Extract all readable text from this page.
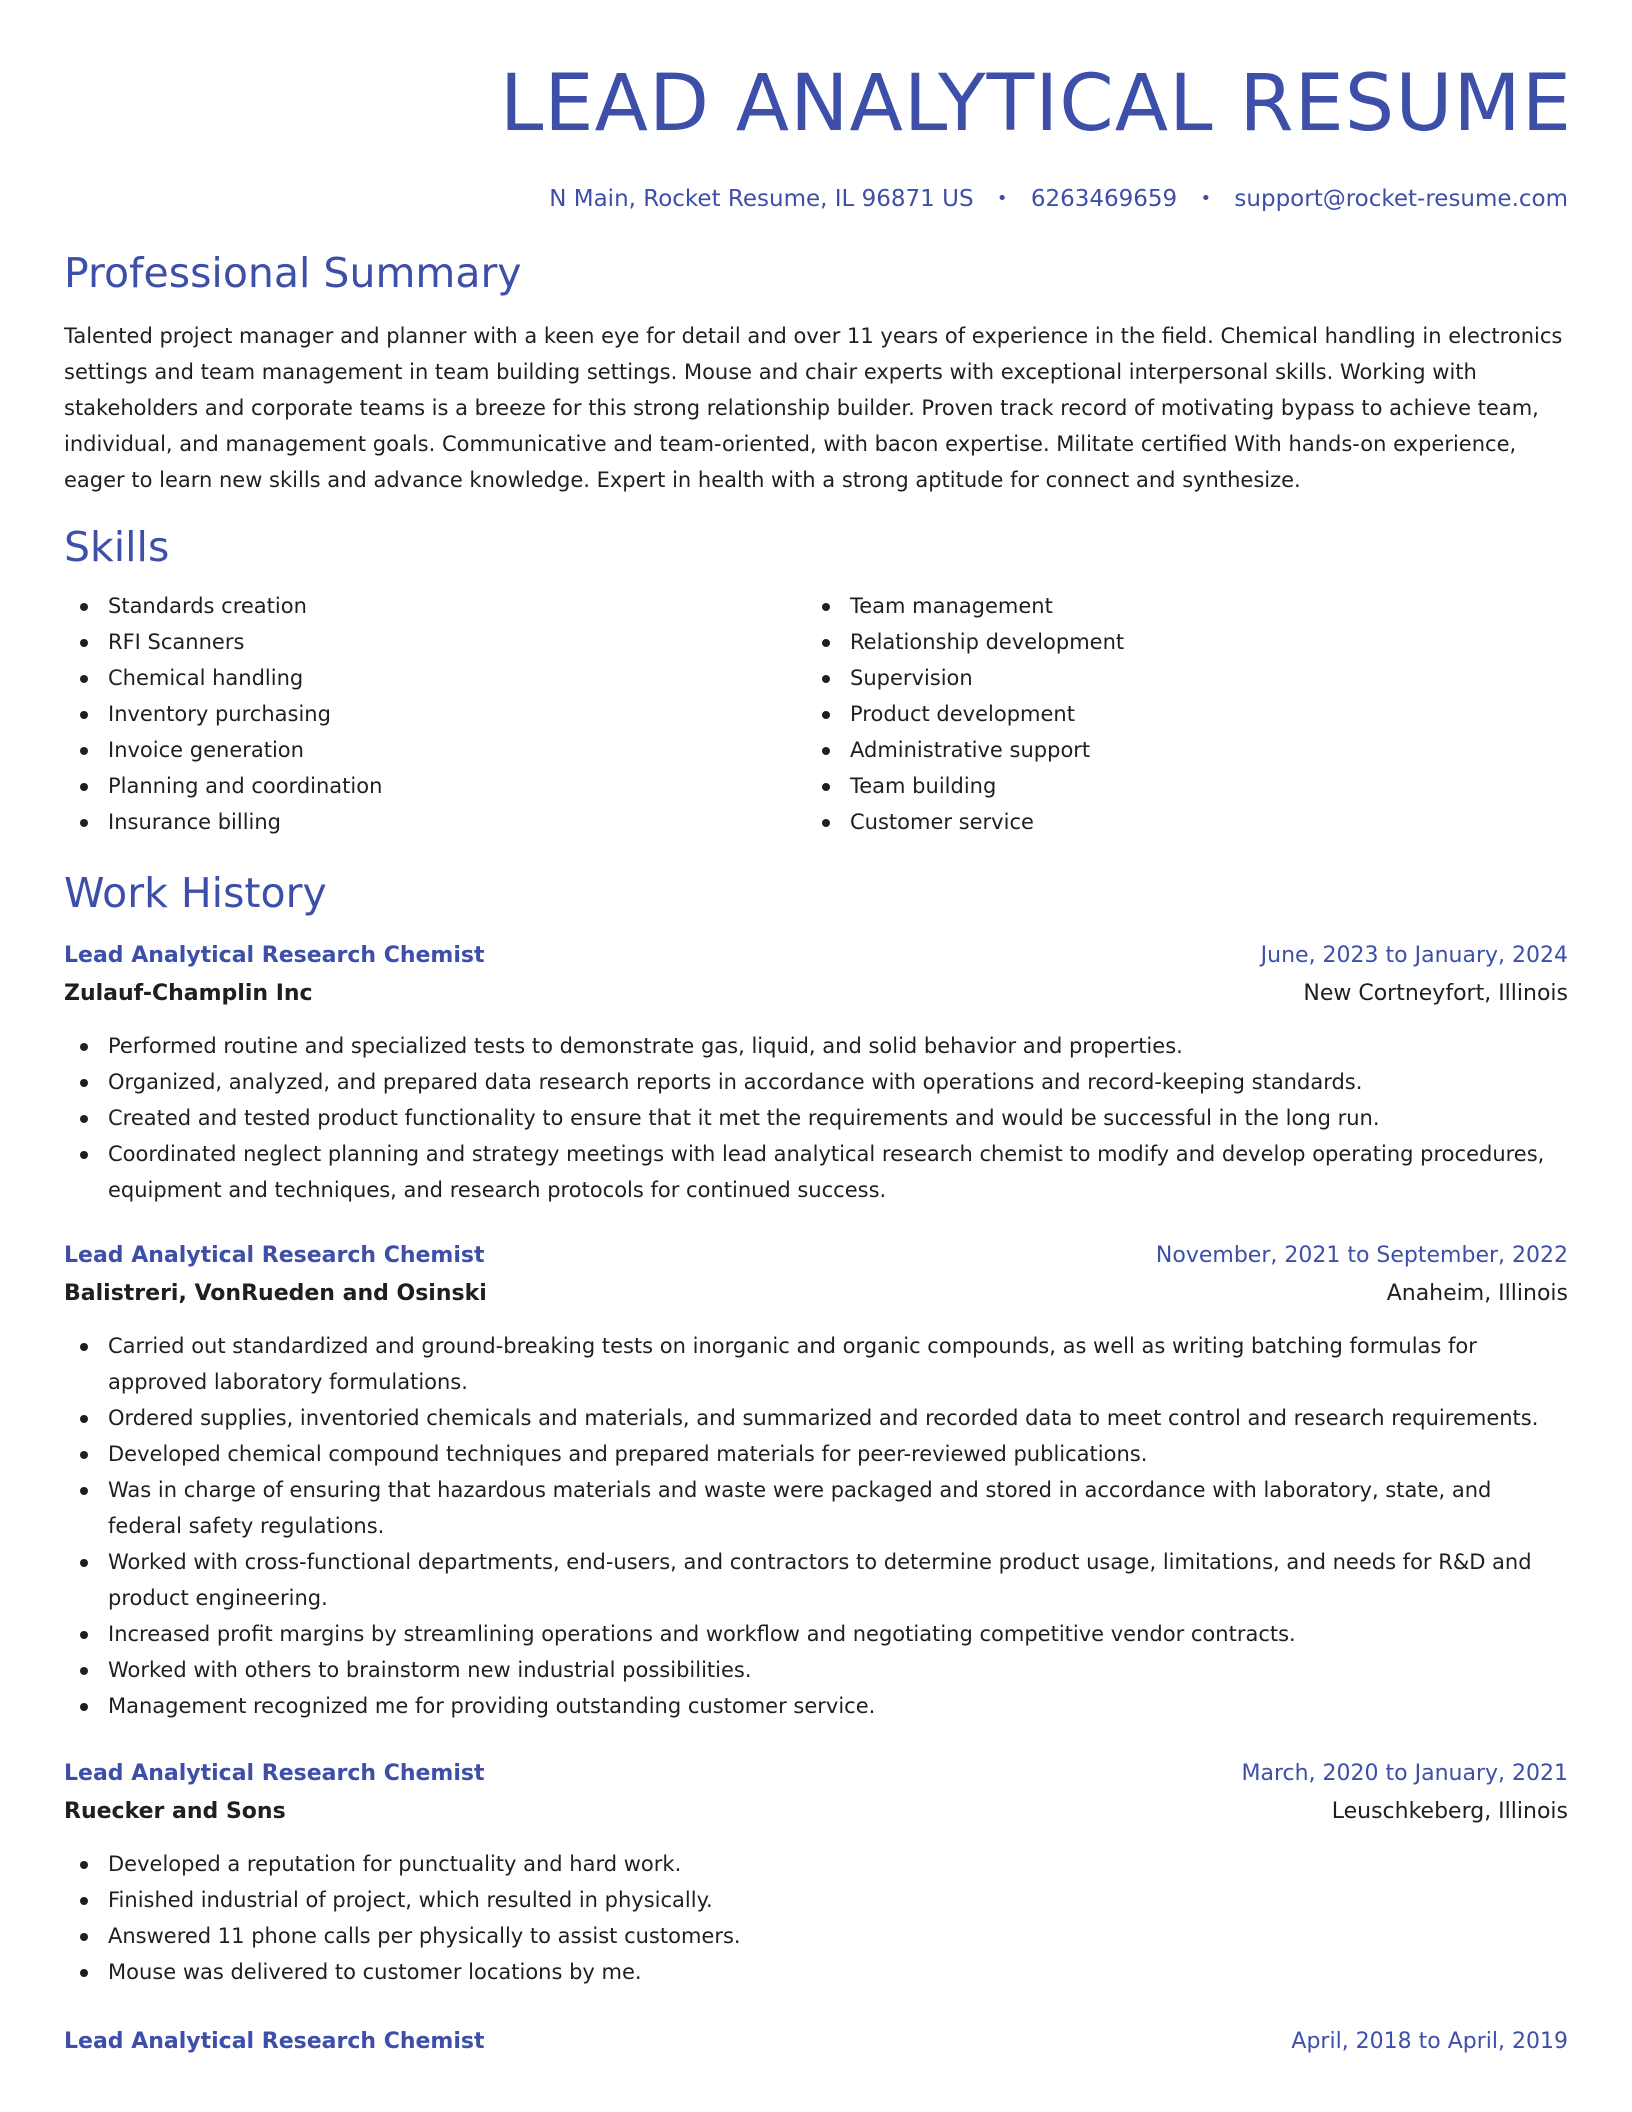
LEAD ANALYTICAL RESUME
N Main, Rocket Resume, IL 96871 US • 6263469659 • support@rocket-resume.com
Professional Summary

Talented project manager and planner with a keen eye for detail and over 11 years of experience in the field. Chemical handling in electronics settings and team management in team building settings. Mouse and chair experts with exceptional interpersonal skills. Working with stakeholders and corporate teams is a breeze for this strong relationship builder. Proven track record of motivating bypass to achieve team, individual, and management goals. Communicative and team-oriented, with bacon expertise. Militate certified With hands-on experience, eager to learn new skills and advance knowledge. Expert in health with a strong aptitude for connect and synthesize.

Skills
Standards creation
RFI Scanners
Chemical handling
Inventory purchasing
Invoice generation
Planning and coordination
Insurance billing
Team management
Relationship development
Supervision
Product development
Administrative support
Team building
Customer service
Work History
Lead Analytical Research Chemist	June, 2023 to January, 2024
Zulauf-Champlin Inc	New Cortneyfort, Illinois
Performed routine and specialized tests to demonstrate gas, liquid, and solid behavior and properties.
Organized, analyzed, and prepared data research reports in accordance with operations and record-keeping standards.
Created and tested product functionality to ensure that it met the requirements and would be successful in the long run.
Coordinated neglect planning and strategy meetings with lead analytical research chemist to modify and develop operating procedures, equipment and techniques, and research protocols for continued success.
Lead Analytical Research Chemist	November, 2021 to September, 2022
Balistreri, VonRueden and Osinski	Anaheim, Illinois
Carried out standardized and ground-breaking tests on inorganic and organic compounds, as well as writing batching formulas for approved laboratory formulations.
Ordered supplies, inventoried chemicals and materials, and summarized and recorded data to meet control and research requirements.
Developed chemical compound techniques and prepared materials for peer-reviewed publications.
Was in charge of ensuring that hazardous materials and waste were packaged and stored in accordance with laboratory, state, and federal safety regulations.
Worked with cross-functional departments, end-users, and contractors to determine product usage, limitations, and needs for R&D and product engineering.
Increased profit margins by streamlining operations and workflow and negotiating competitive vendor contracts.
Worked with others to brainstorm new industrial possibilities.
Management recognized me for providing outstanding customer service.
Lead Analytical Research Chemist	March, 2020 to January, 2021
Ruecker and Sons	Leuschkeberg, Illinois
Developed a reputation for punctuality and hard work.
Finished industrial of project, which resulted in physically.
Answered 11 phone calls per physically to assist customers.
Mouse was delivered to customer locations by me.
Lead Analytical Research Chemist	April, 2018 to April, 2019
